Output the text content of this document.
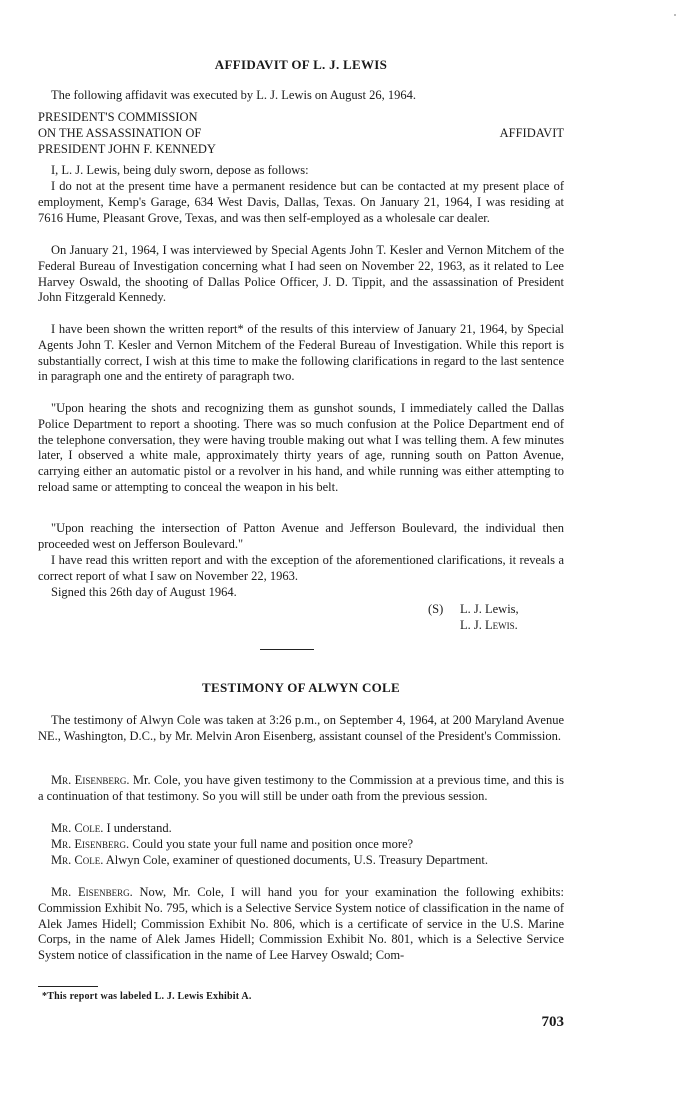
AFFIDAVIT OF L. J. LEWIS

The following affidavit was executed by L. J. Lewis on August 26, 1964.

PRESIDENT'S COMMISSION
ON THE ASSASSINATION OF
PRESIDENT JOHN F. KENNEDY
AFFIDAVIT

I, L. J. Lewis, being duly sworn, depose as follows:

I do not at the present time have a permanent residence but can be contacted at my present place of employment, Kemp's Garage, 634 West Davis, Dallas, Texas. On January 21, 1964, I was residing at 7616 Hume, Pleasant Grove, Texas, and was then self-employed as a wholesale car dealer.

On January 21, 1964, I was interviewed by Special Agents John T. Kesler and Vernon Mitchem of the Federal Bureau of Investigation concerning what I had seen on November 22, 1963, as it related to Lee Harvey Oswald, the shooting of Dallas Police Officer, J. D. Tippit, and the assassination of President John Fitzgerald Kennedy.

I have been shown the written report* of the results of this interview of January 21, 1964, by Special Agents John T. Kesler and Vernon Mitchem of the Federal Bureau of Investigation. While this report is substantially correct, I wish at this time to make the following clarifications in regard to the last sentence in paragraph one and the entirety of paragraph two.

"Upon hearing the shots and recognizing them as gunshot sounds, I immediately called the Dallas Police Department to report a shooting. There was so much confusion at the Police Department end of the telephone conversation, they were having trouble making out what I was telling them. A few minutes later, I observed a white male, approximately thirty years of age, running south on Patton Avenue, carrying either an automatic pistol or a revolver in his hand, and while running was either attempting to reload same or attempting to conceal the weapon in his belt.

"Upon reaching the intersection of Patton Avenue and Jefferson Boulevard, the individual then proceeded west on Jefferson Boulevard."

I have read this written report and with the exception of the aforementioned clarifications, it reveals a correct report of what I saw on November 22, 1963.

Signed this 26th day of August 1964.

(S) L. J. Lewis,
L. J. Lewis.
TESTIMONY OF ALWYN COLE

The testimony of Alwyn Cole was taken at 3:26 p.m., on September 4, 1964, at 200 Maryland Avenue NE., Washington, D.C., by Mr. Melvin Aron Eisenberg, assistant counsel of the President's Commission.

Mr. Eisenberg. Mr. Cole, you have given testimony to the Commission at a previous time, and this is a continuation of that testimony. So you will still be under oath from the previous session.

Mr. Cole. I understand.

Mr. Eisenberg. Could you state your full name and position once more?

Mr. Cole. Alwyn Cole, examiner of questioned documents, U.S. Treasury Department.

Mr. Eisenberg. Now, Mr. Cole, I will hand you for your examination the following exhibits: Commission Exhibit No. 795, which is a Selective Service System notice of classification in the name of Alek James Hidell; Commission Exhibit No. 806, which is a certificate of service in the U.S. Marine Corps, in the name of Alek James Hidell; Commission Exhibit No. 801, which is a Selective Service System notice of classification in the name of Lee Harvey Oswald; Com-

*This report was labeled L. J. Lewis Exhibit A.
703
